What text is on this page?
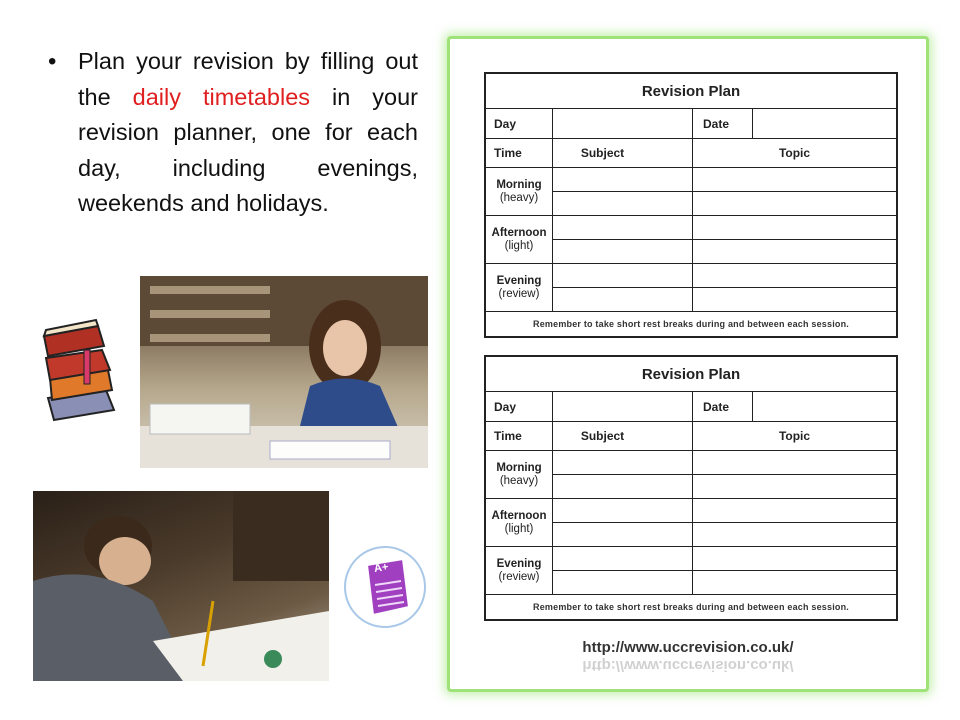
• Plan your revision by filling out the daily timetables in your revision planner, one for each day, including evenings, weekends and holidays.
A+
Revision Plan
Day	Date
Time	Subject	Topic
Morning
(heavy)
Afternoon
(light)
Evening
(review)
Remember to take short rest breaks during and between each session.
Revision Plan
Day	Date
Time	Subject	Topic
Morning
(heavy)
Afternoon
(light)
Evening
(review)
Remember to take short rest breaks during and between each session.
http://www.uccrevision.co.uk/
http://www.uccrevision.co.uk/
